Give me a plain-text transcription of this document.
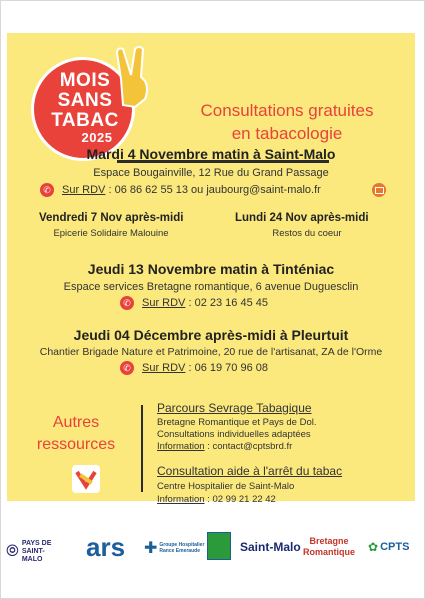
MOIS
SANS
TABAC
2025
Consultations gratuites
en tabacologie
Mardi 4 Novembre matin à Saint-Malo
Espace Bougainville, 12 Rue du Grand Passage
✆ Sur RDV : 06 86 62 55 13 ou jaubourg@saint-malo.fr
Vendredi 7 Nov après-midi
Epicerie Solidaire Malouine
Lundi 24 Nov après-midi
Restos du coeur
Jeudi 13 Novembre matin à Tinténiac
Espace services Bretagne romantique, 6 avenue Duguesclin
✆ Sur RDV : 02 23 16 45 45
Jeudi 04 Décembre après-midi à Pleurtuit
Chantier Brigade Nature et Patrimoine, 20 rue de l'artisanat, ZA de l'Orme
✆ Sur RDV : 06 19 70 96 08
Autres
ressources
Parcours Sevrage Tabagique
Bretagne Romantique et Pays de Dol.
Consultations individuelles adaptées
Information : contact@cptsbrd.fr
Consultation aide à l'arrêt du tabac
Centre Hospitalier de Saint-Malo
Information : 02 99 21 22 42
⦾ PAYS DE SAINT-MALO	ars ✚ Groupe Hospitalier Rance Emeraude	Saint-Malo Bretagne Romantique ✿ CPTS
